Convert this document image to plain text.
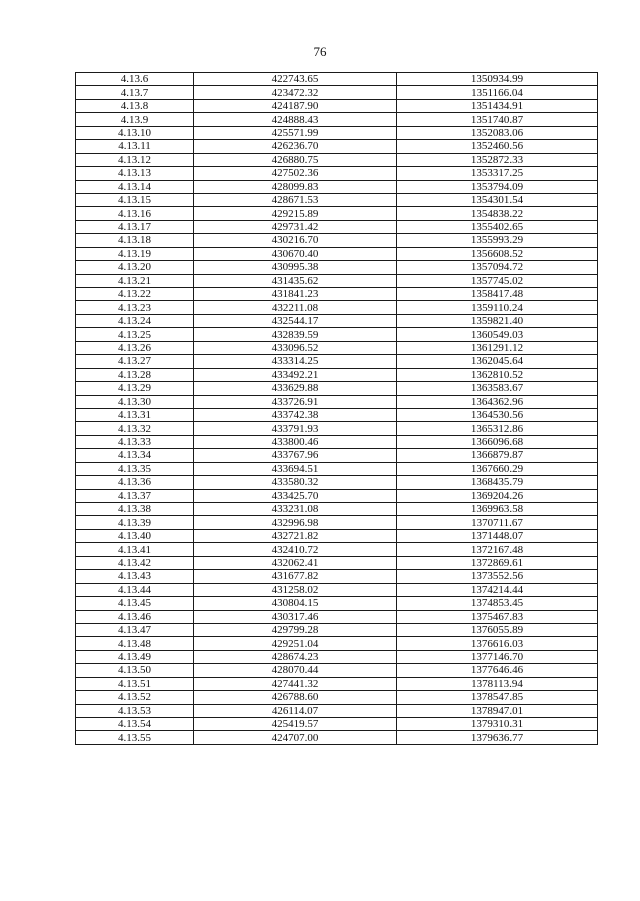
76
4.13.6	422743.65	1350934.99
4.13.7	423472.32	1351166.04
4.13.8	424187.90	1351434.91
4.13.9	424888.43	1351740.87
4.13.10	425571.99	1352083.06
4.13.11	426236.70	1352460.56
4.13.12	426880.75	1352872.33
4.13.13	427502.36	1353317.25
4.13.14	428099.83	1353794.09
4.13.15	428671.53	1354301.54
4.13.16	429215.89	1354838.22
4.13.17	429731.42	1355402.65
4.13.18	430216.70	1355993.29
4.13.19	430670.40	1356608.52
4.13.20	430995.38	1357094.72
4.13.21	431435.62	1357745.02
4.13.22	431841.23	1358417.48
4.13.23	432211.08	1359110.24
4.13.24	432544.17	1359821.40
4.13.25	432839.59	1360549.03
4.13.26	433096.52	1361291.12
4.13.27	433314.25	1362045.64
4.13.28	433492.21	1362810.52
4.13.29	433629.88	1363583.67
4.13.30	433726.91	1364362.96
4.13.31	433742.38	1364530.56
4.13.32	433791.93	1365312.86
4.13.33	433800.46	1366096.68
4.13.34	433767.96	1366879.87
4.13.35	433694.51	1367660.29
4.13.36	433580.32	1368435.79
4.13.37	433425.70	1369204.26
4.13.38	433231.08	1369963.58
4.13.39	432996.98	1370711.67
4.13.40	432721.82	1371448.07
4.13.41	432410.72	1372167.48
4.13.42	432062.41	1372869.61
4.13.43	431677.82	1373552.56
4.13.44	431258.02	1374214.44
4.13.45	430804.15	1374853.45
4.13.46	430317.46	1375467.83
4.13.47	429799.28	1376055.89
4.13.48	429251.04	1376616.03
4.13.49	428674.23	1377146.70
4.13.50	428070.44	1377646.46
4.13.51	427441.32	1378113.94
4.13.52	426788.60	1378547.85
4.13.53	426114.07	1378947.01
4.13.54	425419.57	1379310.31
4.13.55	424707.00	1379636.77
